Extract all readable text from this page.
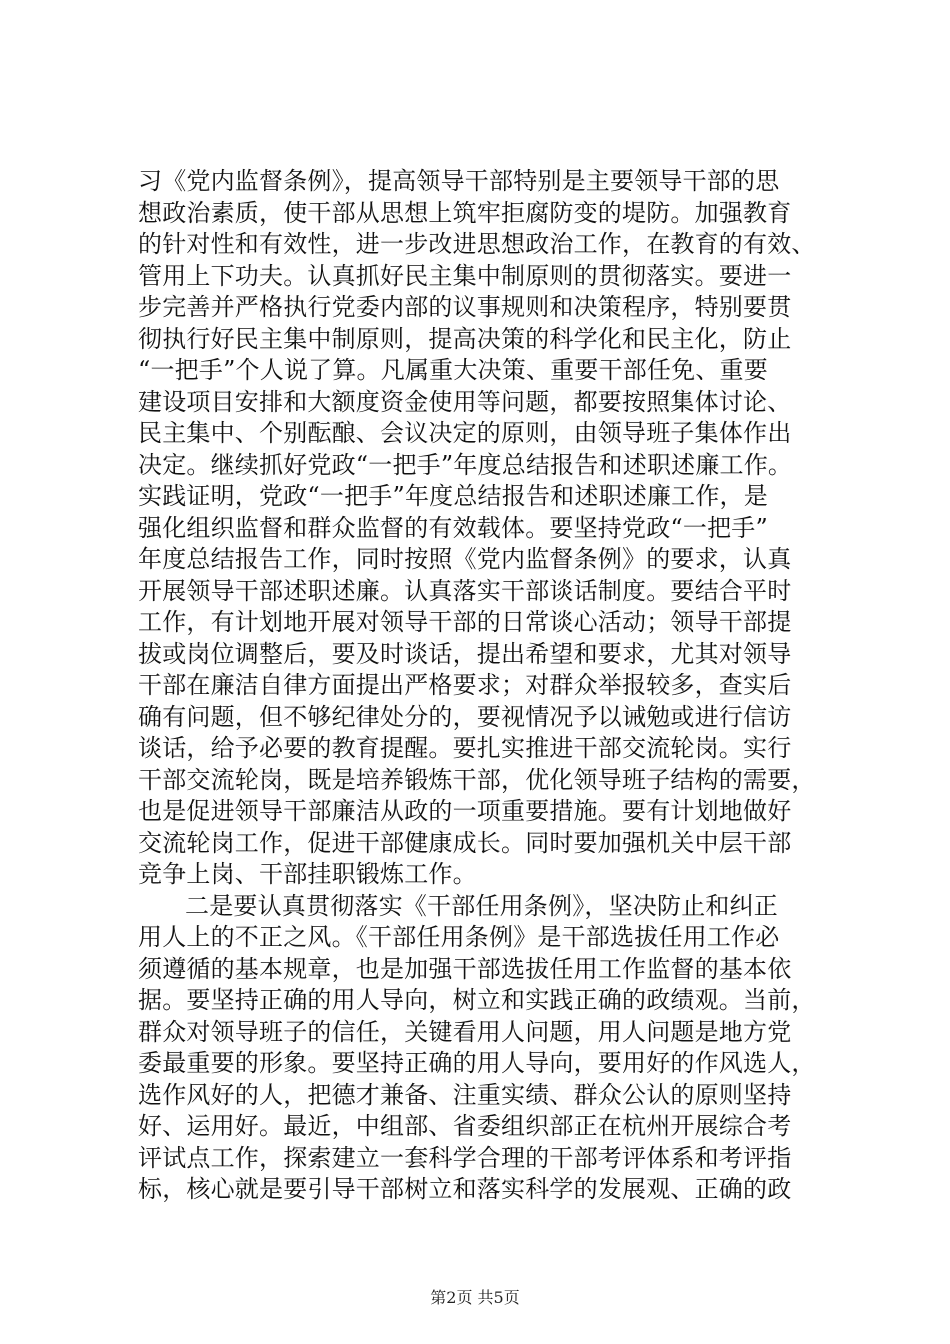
习《党内监督条例》，提高领导干部特别是主要领导干部的思
想政治素质，使干部从思想上筑牢拒腐防变的堤防。加强教育
的针对性和有效性，进一步改进思想政治工作，在教育的有效、
管用上下功夫。认真抓好民主集中制原则的贯彻落实。要进一
步完善并严格执行党委内部的议事规则和决策程序，特别要贯
彻执行好民主集中制原则，提高决策的科学化和民主化，防止
“一把手”个人说了算。凡属重大决策、重要干部任免、重要
建设项目安排和大额度资金使用等问题，都要按照集体讨论、
民主集中、个别酝酿、会议决定的原则，由领导班子集体作出
决定。继续抓好党政“一把手”年度总结报告和述职述廉工作。
实践证明，党政“一把手”年度总结报告和述职述廉工作，是
强化组织监督和群众监督的有效载体。要坚持党政“一把手”
年度总结报告工作，同时按照《党内监督条例》的要求，认真
开展领导干部述职述廉。认真落实干部谈话制度。要结合平时
工作，有计划地开展对领导干部的日常谈心活动；领导干部提
拔或岗位调整后，要及时谈话，提出希望和要求，尤其对领导
干部在廉洁自律方面提出严格要求；对群众举报较多，查实后
确有问题，但不够纪律处分的，要视情况予以诫勉或进行信访
谈话，给予必要的教育提醒。要扎实推进干部交流轮岗。实行
干部交流轮岗，既是培养锻炼干部，优化领导班子结构的需要，
也是促进领导干部廉洁从政的一项重要措施。要有计划地做好
交流轮岗工作，促进干部健康成长。同时要加强机关中层干部
竞争上岗、干部挂职锻炼工作。
二是要认真贯彻落实《干部任用条例》，坚决防止和纠正
用人上的不正之风。《干部任用条例》是干部选拔任用工作必
须遵循的基本规章，也是加强干部选拔任用工作监督的基本依
据。要坚持正确的用人导向，树立和实践正确的政绩观。当前，
群众对领导班子的信任，关键看用人问题，用人问题是地方党
委最重要的形象。要坚持正确的用人导向，要用好的作风选人，
选作风好的人，把德才兼备、注重实绩、群众公认的原则坚持
好、运用好。最近，中组部、省委组织部正在杭州开展综合考
评试点工作，探索建立一套科学合理的干部考评体系和考评指
标，核心就是要引导干部树立和落实科学的发展观、正确的政
第2页 共5页
